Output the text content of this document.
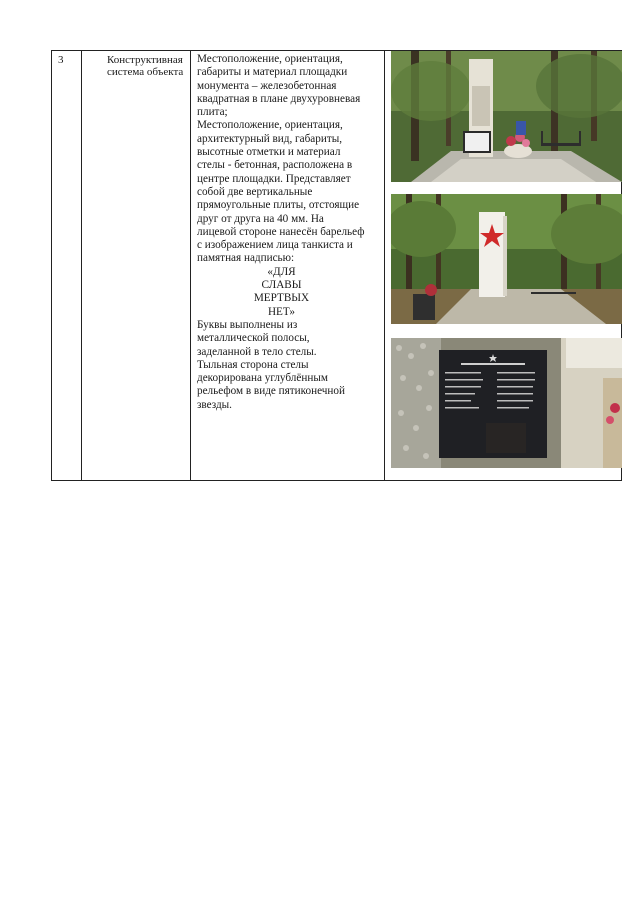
3	Конструктивная
система объекта

Местоположение, ориентация,

габариты и материал площадки

монумента – железобетонная

квадратная в плане двухуровневая

плита;

Местоположение, ориентация,

архитектурный вид, габариты,

высотные отметки и материал

стелы - бетонная, расположена в

центре площадки. Представляет

собой две вертикальные

прямоугольные плиты, отстоящие

друг от друга на 40 мм. На

лицевой стороне нанесён барельеф

с изображением лица танкиста и

памятная надписью:

«ДЛЯ

СЛАВЫ

МЕРТВЫХ

НЕТ»

Буквы выполнены из

металлической полосы,

заделанной в тело стелы.

Тыльная сторона стелы

декорирована углублённым

рельефом в виде пятиконечной

звезды.
